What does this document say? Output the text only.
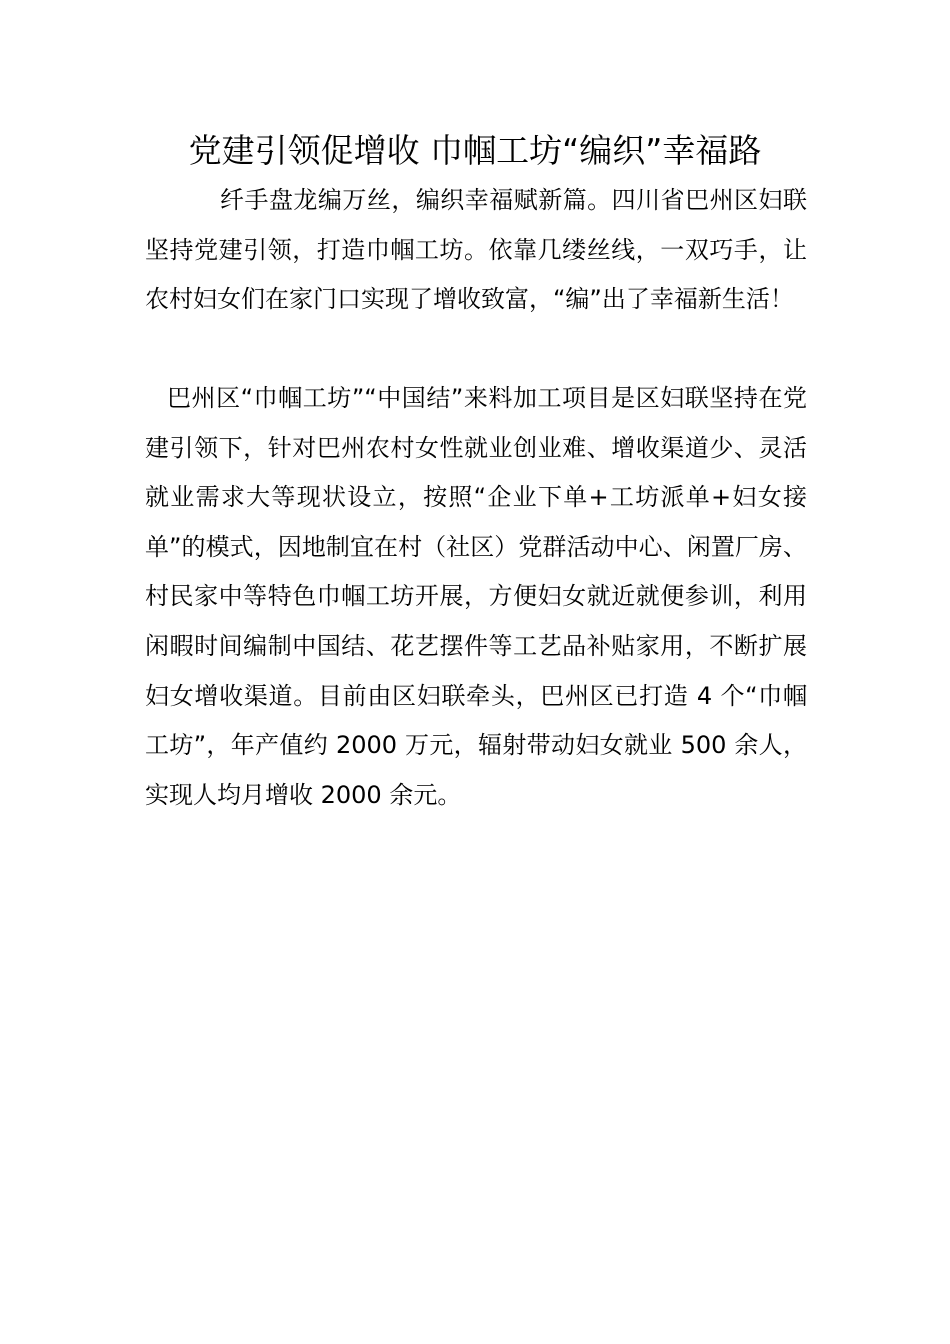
党建引领促增收 巾帼工坊“编织”幸福路

纤手盘龙编万丝，编织幸福赋新篇。四川省巴州区妇联坚持党建引领，打造巾帼工坊。依靠几缕丝线，一双巧手，让农村妇女们在家门口实现了增收致富，“编”出了幸福新生活！

巴州区“巾帼工坊”“中国结”来料加工项目是区妇联坚持在党建引领下，针对巴州农村女性就业创业难、增收渠道少、灵活就业需求大等现状设立，按照“企业下单+工坊派单+妇女接单”的模式，因地制宜在村（社区）党群活动中心、闲置厂房、村民家中等特色巾帼工坊开展，方便妇女就近就便参训，利用闲暇时间编制中国结、花艺摆件等工艺品补贴家用，不断扩展妇女增收渠道。目前由区妇联牵头，巴州区已打造 4 个“巾帼工坊”，年产值约 2000 万元，辐射带动妇女就业 500 余人，实现人均月增收 2000 余元。
